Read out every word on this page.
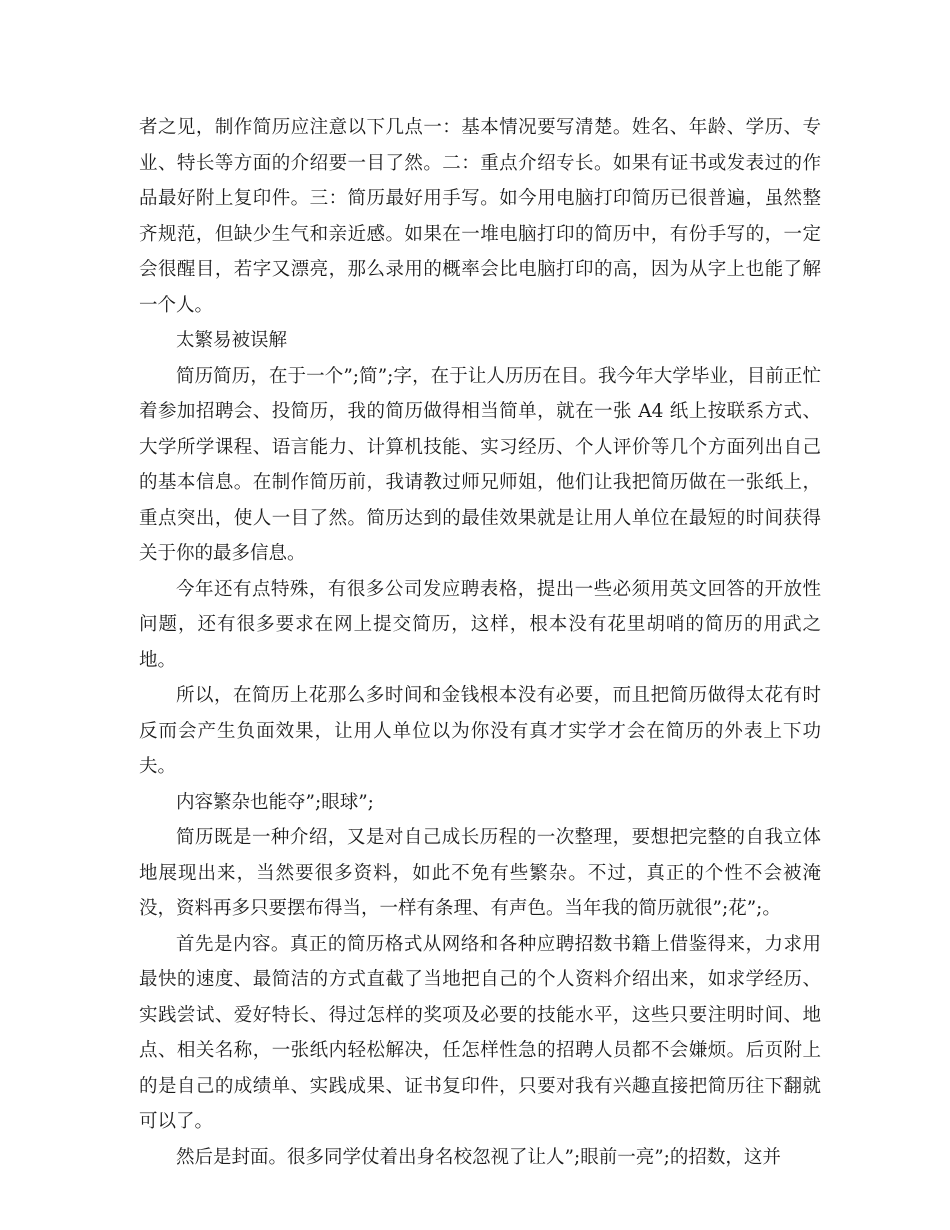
者之见，制作简历应注意以下几点一：基本情况要写清楚。姓名、年龄、学历、专业、特长等方面的介绍要一目了然。二：重点介绍专长。如果有证书或发表过的作品最好附上复印件。三：简历最好用手写。如今用电脑打印简历已很普遍，虽然整齐规范，但缺少生气和亲近感。如果在一堆电脑打印的简历中，有份手写的，一定会很醒目，若字又漂亮，那么录用的概率会比电脑打印的高，因为从字上也能了解一个人。

太繁易被误解

简历简历，在于一个”;简”;字，在于让人历历在目。我今年大学毕业，目前正忙着参加招聘会、投简历，我的简历做得相当简单，就在一张 A4 纸上按联系方式、大学所学课程、语言能力、计算机技能、实习经历、个人评价等几个方面列出自己的基本信息。在制作简历前，我请教过师兄师姐，他们让我把简历做在一张纸上，重点突出，使人一目了然。简历达到的最佳效果就是让用人单位在最短的时间获得关于你的最多信息。

今年还有点特殊，有很多公司发应聘表格，提出一些必须用英文回答的开放性问题，还有很多要求在网上提交简历，这样，根本没有花里胡哨的简历的用武之地。

所以，在简历上花那么多时间和金钱根本没有必要，而且把简历做得太花有时反而会产生负面效果，让用人单位以为你没有真才实学才会在简历的外表上下功夫。

内容繁杂也能夺”;眼球”;

简历既是一种介绍，又是对自己成长历程的一次整理，要想把完整的自我立体地展现出来，当然要很多资料，如此不免有些繁杂。不过，真正的个性不会被淹没，资料再多只要摆布得当，一样有条理、有声色。当年我的简历就很”;花”;。

首先是内容。真正的简历格式从网络和各种应聘招数书籍上借鉴得来，力求用最快的速度、最简洁的方式直截了当地把自己的个人资料介绍出来，如求学经历、实践尝试、爱好特长、得过怎样的奖项及必要的技能水平，这些只要注明时间、地点、相关名称，一张纸内轻松解决，任怎样性急的招聘人员都不会嫌烦。后页附上的是自己的成绩单、实践成果、证书复印件，只要对我有兴趣直接把简历往下翻就可以了。

然后是封面。很多同学仗着出身名校忽视了让人”;眼前一亮”;的招数，这并
